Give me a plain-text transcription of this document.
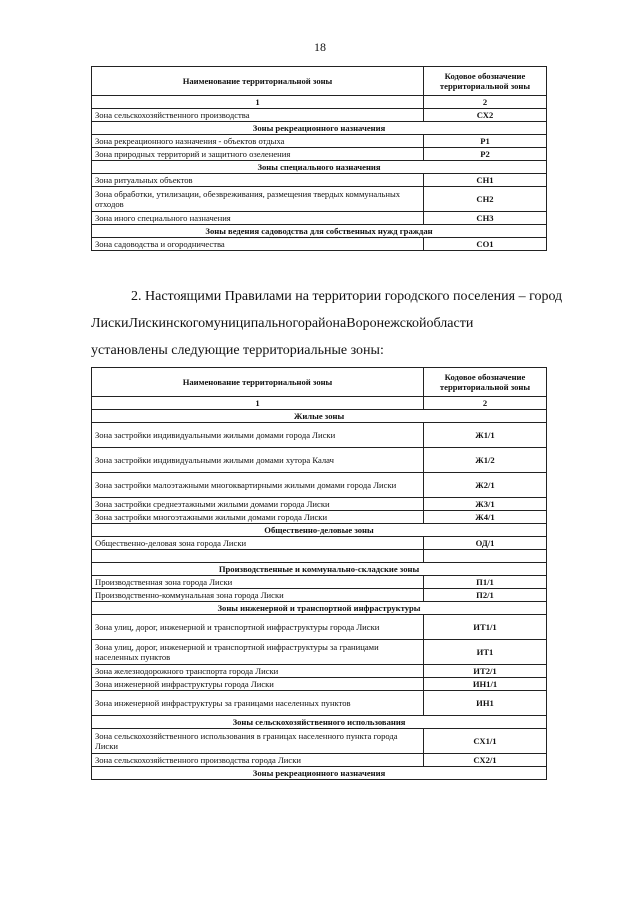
18
Наименование территориальной зоны	Кодовое обозначение территориальной зоны
1	2
Зона сельскохозяйственного производства	СХ2
Зоны рекреационного назначения	
Зона рекреационного назначения - объектов отдыха	Р1
Зона природных территорий и защитного озеленения	Р2
Зоны специального назначения	
Зона ритуальных объектов	СН1
Зона обработки, утилизации, обезвреживания, размещения твердых коммунальных отходов	СН2
Зона иного специального назначения	СН3
Зоны ведения садоводства для собственных нужд граждан	
Зона садоводства и огородничества	СО1
2. Настоящими Правилами на территории городского поселения – город
ЛискиЛискинскогомуниципальногорайонаВоронежскойобласти
установлены следующие территориальные зоны:
Наименование территориальной зоны	Кодовое обозначение территориальной зоны
1	2
Жилые зоны	
Зона застройки индивидуальными жилыми домами города Лиски	Ж1/1
Зона застройки индивидуальными жилыми домами хутора Калач	Ж1/2
Зона застройки малоэтажными многоквартирными жилыми домами города Лиски	Ж2/1
Зона застройки среднеэтажными жилыми домами города Лиски	Ж3/1
Зона застройки многоэтажными жилыми домами города Лиски	Ж4/1
Общественно-деловые зоны	
Общественно-деловая зона города Лиски	ОД/1

Производственные и коммунально-складские зоны	
Производственная зона города Лиски	П1/1
Производственно-коммунальная зона города Лиски	П2/1
Зоны инженерной и транспортной инфраструктуры	
Зона улиц, дорог, инженерной и транспортной инфраструктуры города Лиски	ИТ1/1
Зона улиц, дорог, инженерной и транспортной инфраструктуры за границами населенных пунктов	ИТ1
Зона железнодорожного транспорта города Лиски	ИТ2/1
Зона инженерной инфраструктуры города Лиски	ИН1/1
Зона инженерной инфраструктуры за границами населенных пунктов	ИН1
Зоны сельскохозяйственного использования	
Зона сельскохозяйственного использования в границах населенного пункта города Лиски	СХ1/1
Зона сельскохозяйственного производства города Лиски	СХ2/1
Зоны рекреационного назначения	
